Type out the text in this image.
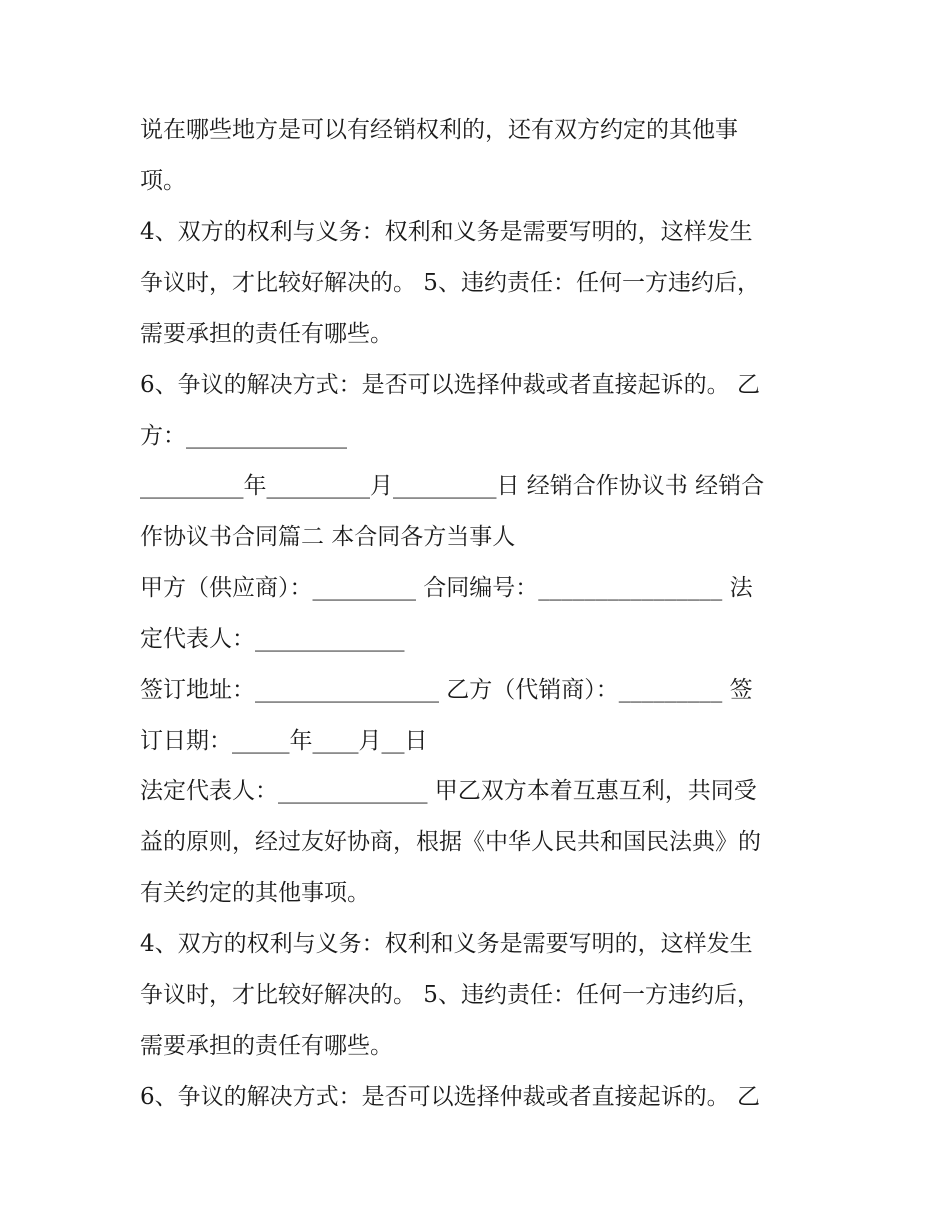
说在哪些地方是可以有经销权利的，还有双方约定的其他事
项。
4、双方的权利与义务：权利和义务是需要写明的，这样发生
争议时，才比较好解决的。 5、违约责任：任何一方违约后，
需要承担的责任有哪些。
6、争议的解决方式：是否可以选择仲裁或者直接起诉的。 乙
方：______________
_________年_________月_________日 经销合作协议书 经销合
作协议书合同篇二 本合同各方当事人
甲方（供应商）：_________ 合同编号：________________ 法
定代表人：_____________
签订地址：________________ 乙方（代销商）：_________ 签
订日期：_____年____月__日
法定代表人：_____________ 甲乙双方本着互惠互利，共同受
益的原则，经过友好协商，根据《中华人民共和国民法典》的
有关约定的其他事项。
4、双方的权利与义务：权利和义务是需要写明的，这样发生
争议时，才比较好解决的。 5、违约责任：任何一方违约后，
需要承担的责任有哪些。
6、争议的解决方式：是否可以选择仲裁或者直接起诉的。 乙
